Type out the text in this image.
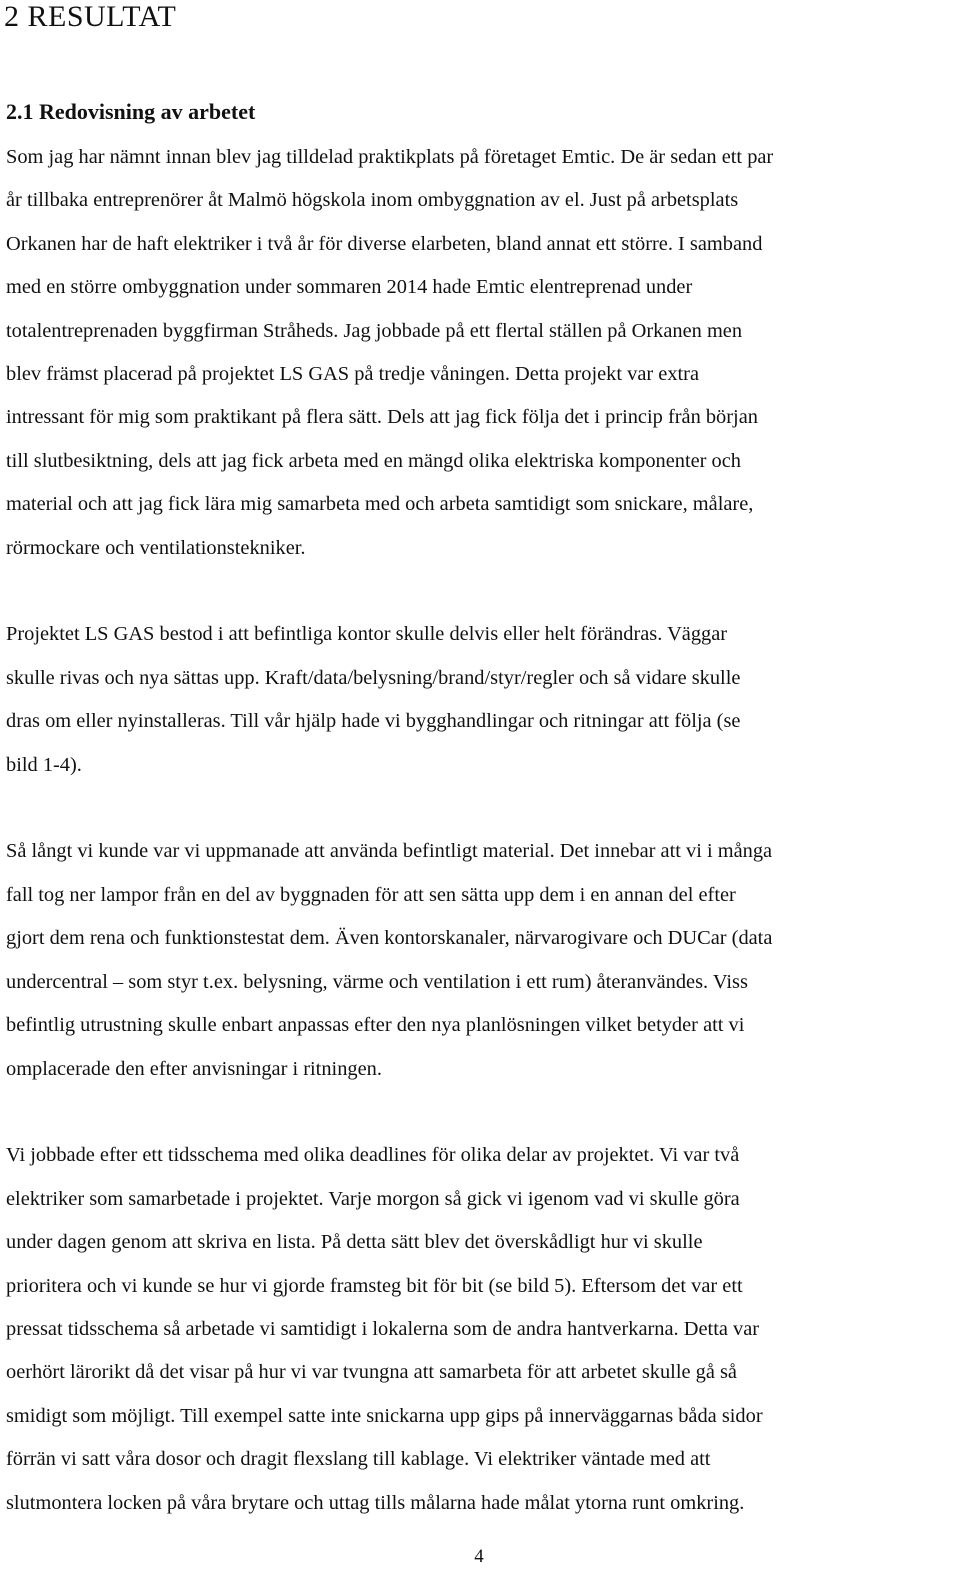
2 RESULTAT
2.1 Redovisning av arbetet

Som jag har nämnt innan blev jag tilldelad praktikplats på företaget Emtic. De är sedan ett par
år tillbaka entreprenörer åt Malmö högskola inom ombyggnation av el. Just på arbetsplats
Orkanen har de haft elektriker i två år för diverse elarbeten, bland annat ett större. I samband
med en större ombyggnation under sommaren 2014 hade Emtic elentreprenad under
totalentreprenaden byggfirman Stråheds. Jag jobbade på ett flertal ställen på Orkanen men
blev främst placerad på projektet LS GAS på tredje våningen. Detta projekt var extra
intressant för mig som praktikant på flera sätt. Dels att jag fick följa det i princip från början
till slutbesiktning, dels att jag fick arbeta med en mängd olika elektriska komponenter och
material och att jag fick lära mig samarbeta med och arbeta samtidigt som snickare, målare,
rörmockare och ventilationstekniker.

Projektet LS GAS bestod i att befintliga kontor skulle delvis eller helt förändras. Väggar
skulle rivas och nya sättas upp. Kraft/data/belysning/brand/styr/regler och så vidare skulle
dras om eller nyinstalleras. Till vår hjälp hade vi bygghandlingar och ritningar att följa (se
bild 1-4).

Så långt vi kunde var vi uppmanade att använda befintligt material. Det innebar att vi i många
fall tog ner lampor från en del av byggnaden för att sen sätta upp dem i en annan del efter
gjort dem rena och funktionstestat dem. Även kontorskanaler, närvarogivare och DUCar (data
undercentral – som styr t.ex. belysning, värme och ventilation i ett rum) återanvändes. Viss
befintlig utrustning skulle enbart anpassas efter den nya planlösningen vilket betyder att vi
omplacerade den efter anvisningar i ritningen.

Vi jobbade efter ett tidsschema med olika deadlines för olika delar av projektet. Vi var två
elektriker som samarbetade i projektet. Varje morgon så gick vi igenom vad vi skulle göra
under dagen genom att skriva en lista. På detta sätt blev det överskådligt hur vi skulle
prioritera och vi kunde se hur vi gjorde framsteg bit för bit (se bild 5). Eftersom det var ett
pressat tidsschema så arbetade vi samtidigt i lokalerna som de andra hantverkarna. Detta var
oerhört lärorikt då det visar på hur vi var tvungna att samarbeta för att arbetet skulle gå så
smidigt som möjligt. Till exempel satte inte snickarna upp gips på innerväggarnas båda sidor
förrän vi satt våra dosor och dragit flexslang till kablage. Vi elektriker väntade med att
slutmontera locken på våra brytare och uttag tills målarna hade målat ytorna runt omkring.

4
